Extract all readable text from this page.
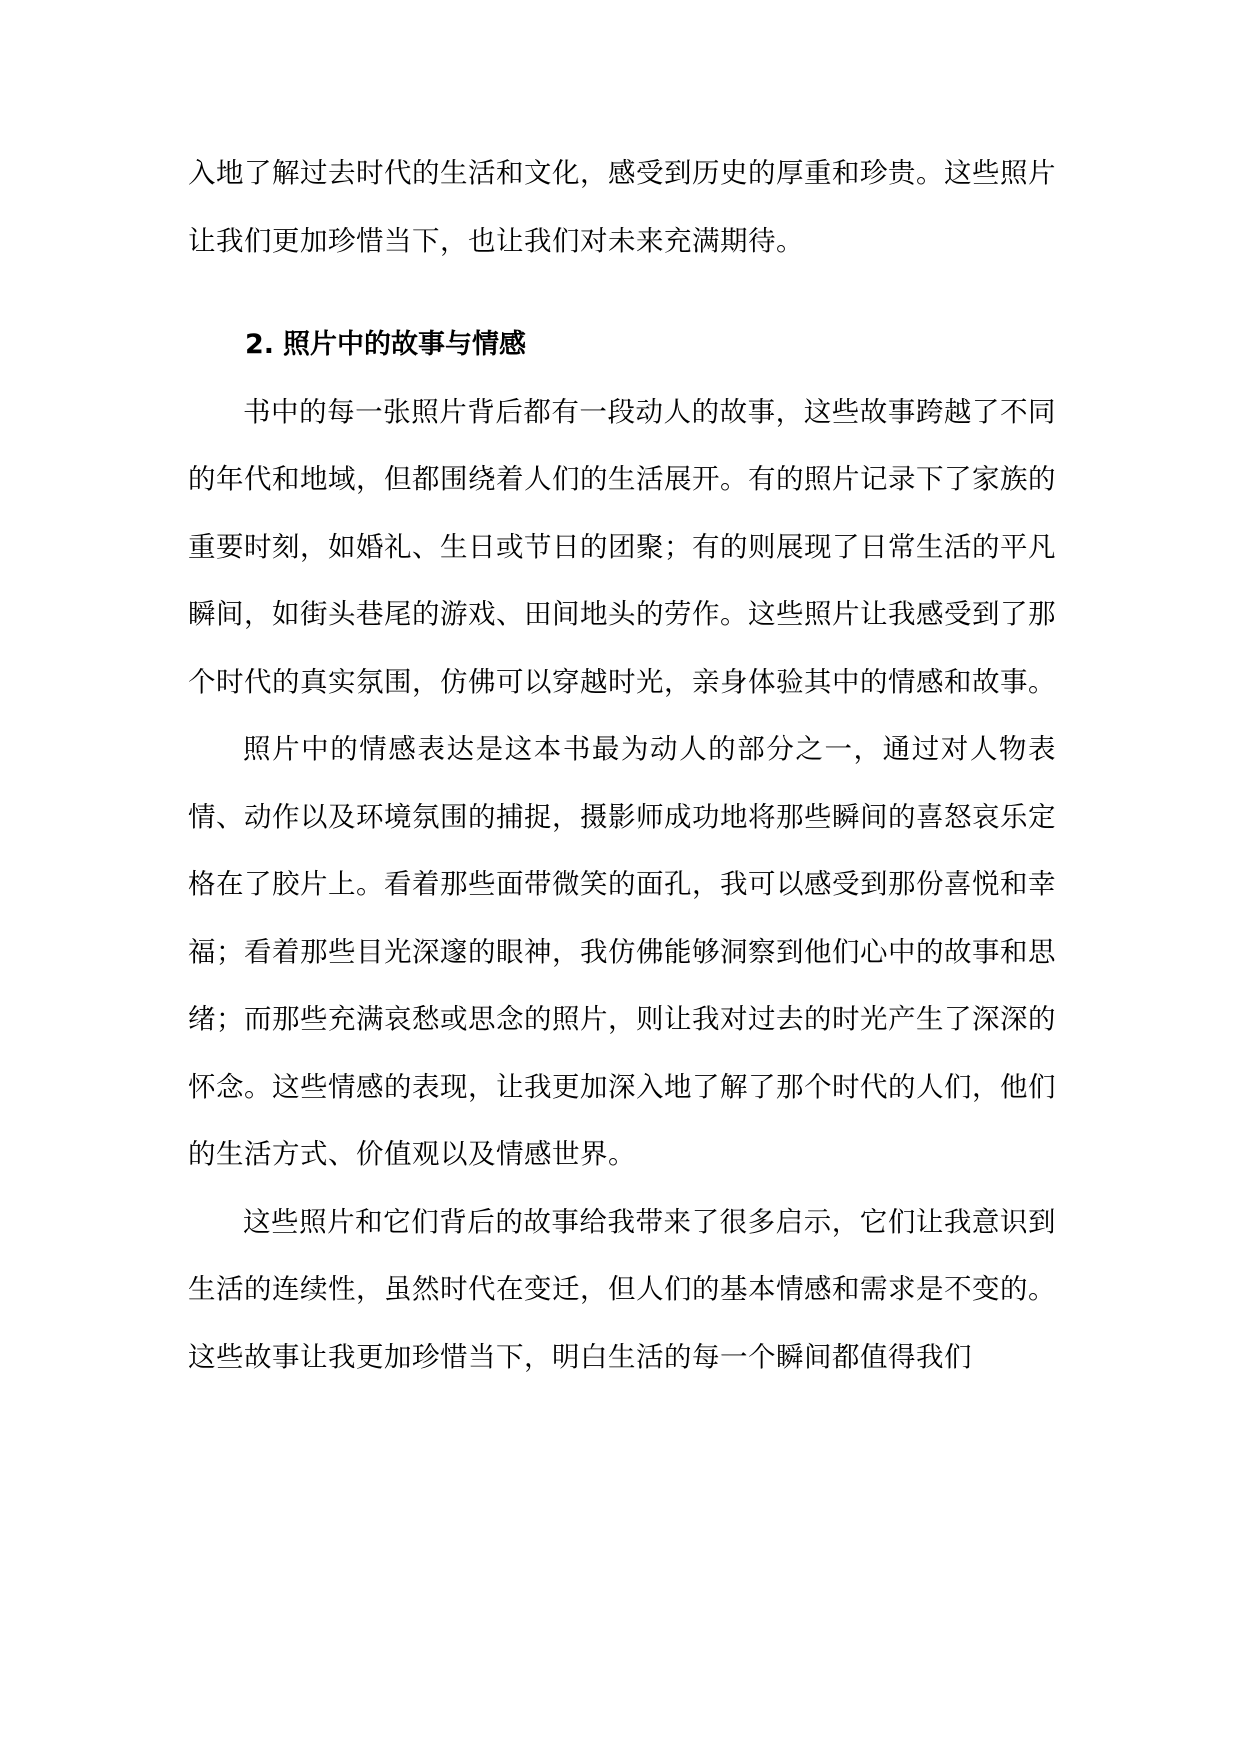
入地了解过去时代的生活和文化，感受到历史的厚重和珍贵。这些照片让我们更加珍惜当下，也让我们对未来充满期待。

2. 照片中的故事与情感

书中的每一张照片背后都有一段动人的故事，这些故事跨越了不同的年代和地域，但都围绕着人们的生活展开。有的照片记录下了家族的重要时刻，如婚礼、生日或节日的团聚；有的则展现了日常生活的平凡瞬间，如街头巷尾的游戏、田间地头的劳作。这些照片让我感受到了那个时代的真实氛围，仿佛可以穿越时光，亲身体验其中的情感和故事。

照片中的情感表达是这本书最为动人的部分之一，通过对人物表情、动作以及环境氛围的捕捉，摄影师成功地将那些瞬间的喜怒哀乐定格在了胶片上。看着那些面带微笑的面孔，我可以感受到那份喜悦和幸福；看着那些目光深邃的眼神，我仿佛能够洞察到他们心中的故事和思绪；而那些充满哀愁或思念的照片，则让我对过去的时光产生了深深的怀念。这些情感的表现，让我更加深入地了解了那个时代的人们，他们的生活方式、价值观以及情感世界。

这些照片和它们背后的故事给我带来了很多启示，它们让我意识到生活的连续性，虽然时代在变迁，但人们的基本情感和需求是不变的。这些故事让我更加珍惜当下，明白生活的每一个瞬间都值得我们
